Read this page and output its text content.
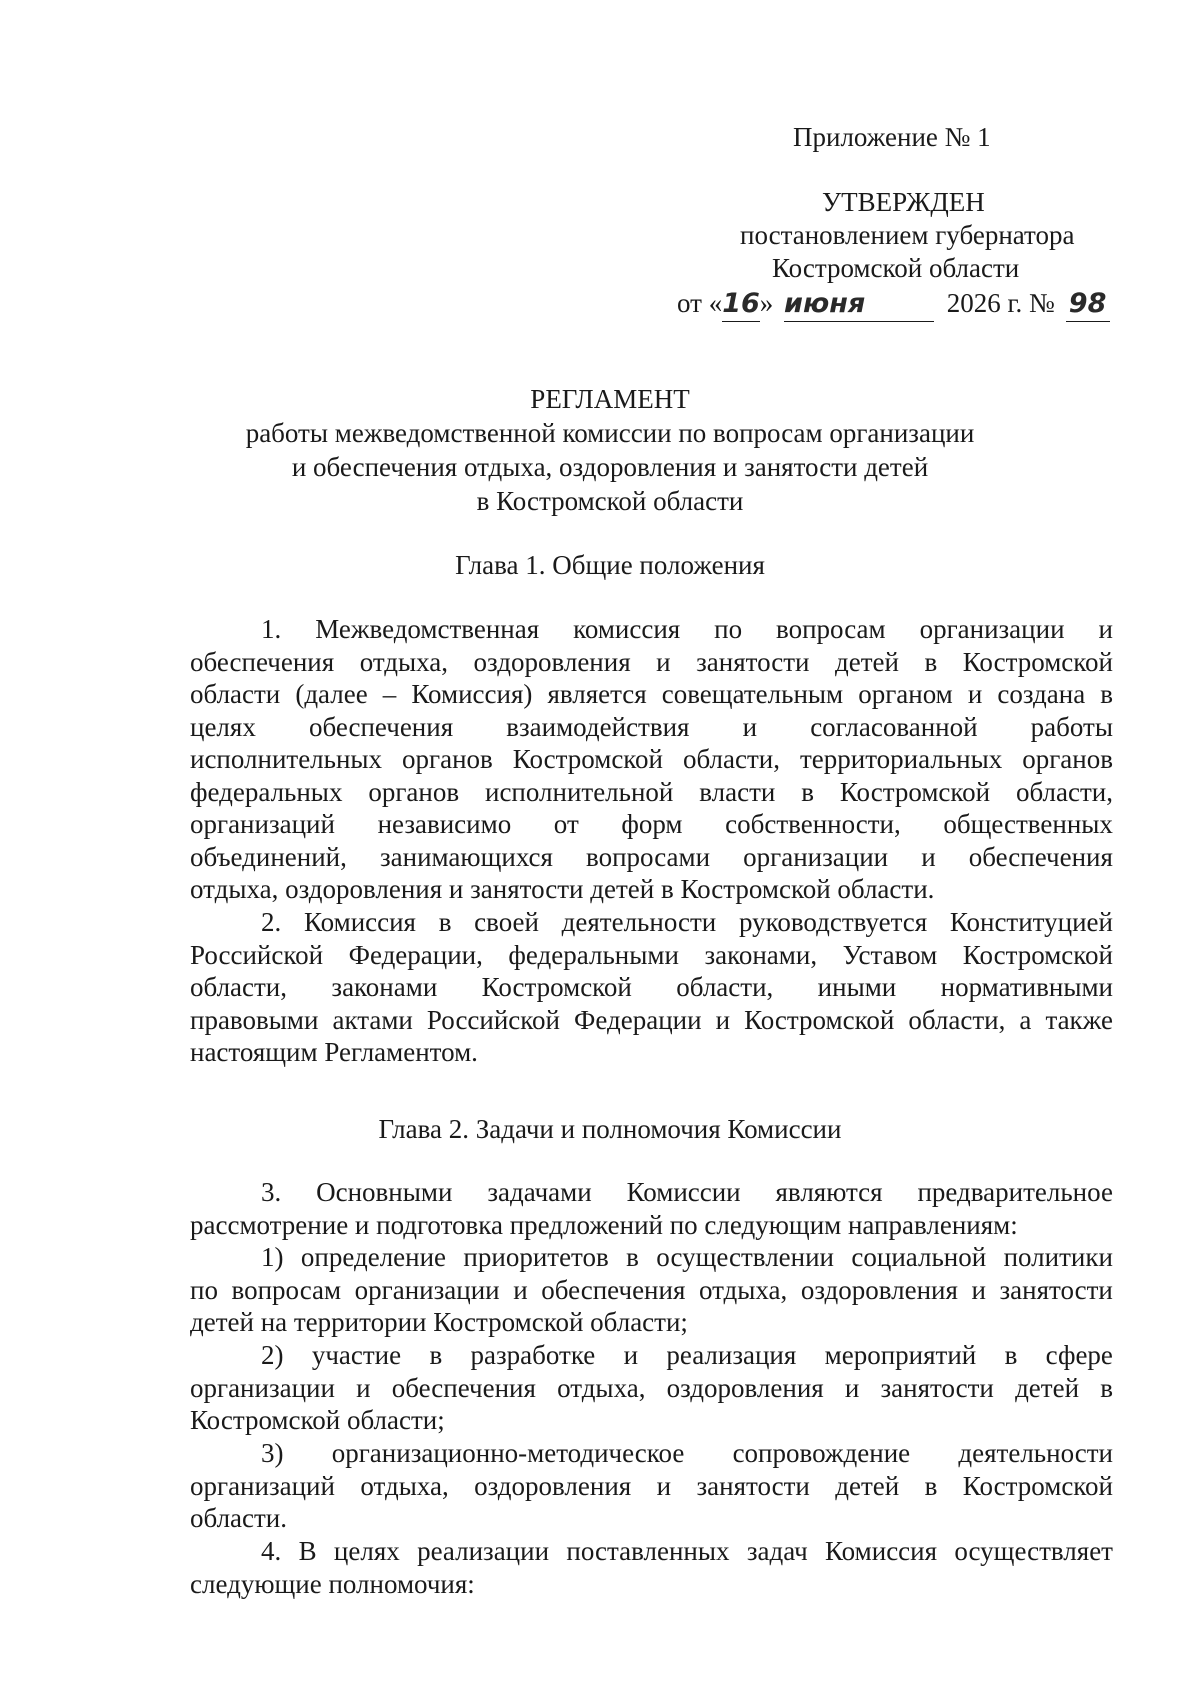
Приложение № 1
УТВЕРЖДЕН
постановлением губернатора
Костромской области
от «16» июня	2026 г. № 98
РЕГЛАМЕНТ
работы межведомственной комиссии по вопросам организации
и обеспечения отдыха, оздоровления и занятости детей
в Костромской области
Глава 1. Общие положения
1. Межведомственная комиссия по вопросам организации и
обеспечения отдыха, оздоровления и занятости детей в Костромской
области (далее – Комиссия) является совещательным органом и создана в
целях обеспечения взаимодействия и согласованной работы
исполнительных органов Костромской области, территориальных органов
федеральных органов исполнительной власти в Костромской области,
организаций независимо от форм собственности, общественных
объединений, занимающихся вопросами организации и обеспечения
отдыха, оздоровления и занятости детей в Костромской области.
2. Комиссия в своей деятельности руководствуется Конституцией
Российской Федерации, федеральными законами, Уставом Костромской
области, законами Костромской области, иными нормативными
правовыми актами Российской Федерации и Костромской области, а также
настоящим Регламентом.
Глава 2. Задачи и полномочия Комиссии
3. Основными задачами Комиссии являются предварительное
рассмотрение и подготовка предложений по следующим направлениям:
1) определение приоритетов в осуществлении социальной политики
по вопросам организации и обеспечения отдыха, оздоровления и занятости
детей на территории Костромской области;
2) участие в разработке и реализация мероприятий в сфере
организации и обеспечения отдыха, оздоровления и занятости детей в
Костромской области;
3) организационно-методическое сопровождение деятельности
организаций отдыха, оздоровления и занятости детей в Костромской
области.
4. В целях реализации поставленных задач Комиссия осуществляет
следующие полномочия:
